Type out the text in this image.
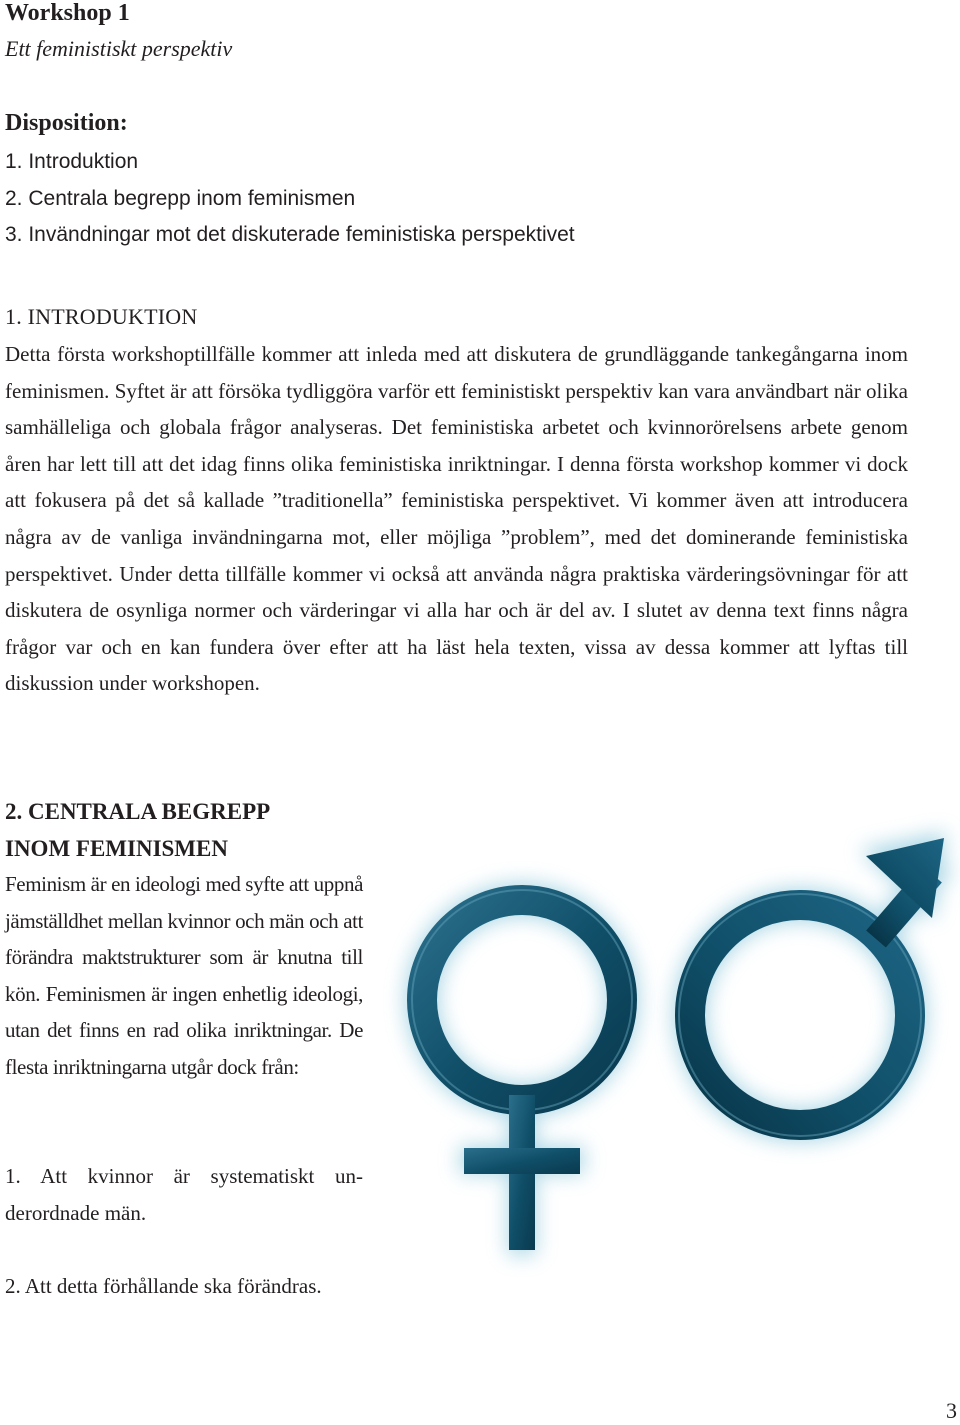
Workshop 1
Ett feministiskt perspektiv
Disposition:
1. Introduktion
2. Centrala begrepp inom feminismen
3. Invändningar mot det diskuterade feministiska perspektivet
1. INTRODUKTION

Detta första workshoptillfälle kommer att inleda med att diskutera de grundläggande tankegångarna inom feminismen. Syftet är att försöka tydliggöra varför ett feministiskt perspektiv kan vara användbart när olika samhälleliga och globala frågor analyseras. Det feministiska arbetet och kvinnorörelsens arbete genom åren har lett till att det idag finns olika feministiska inriktningar. I denna första workshop kommer vi dock att fokusera på det så kallade ”traditionella” feministiska perspektivet. Vi kommer även att introducera några av de vanliga invändningarna mot, eller möjliga ”problem”, med det dominerande feministiska perspektivet. Under detta tillfälle kommer vi också att använda några praktiska värderingsövningar för att diskutera de osynliga normer och värderingar vi alla har och är del av. I slutet av denna text finns några frågor var och en kan fundera över efter att ha läst hela texten, vissa av dessa kommer att lyftas till diskussion under workshopen.

2. CENTRALA BEGREPP
INOM FEMINISMEN

Feminism är en ideologi med syfte att uppnå jämställdhet mellan kvinnor och män och att förändra maktstrukturer som är knutna till kön. Feminismen är ingen enhetlig ideologi, utan det finns en rad olika inriktningar. De flesta inriktningarna utgår dock från:

1. Att kvinnor är systematiskt underordnade män.

2. Att detta förhållande ska förändras.

3
